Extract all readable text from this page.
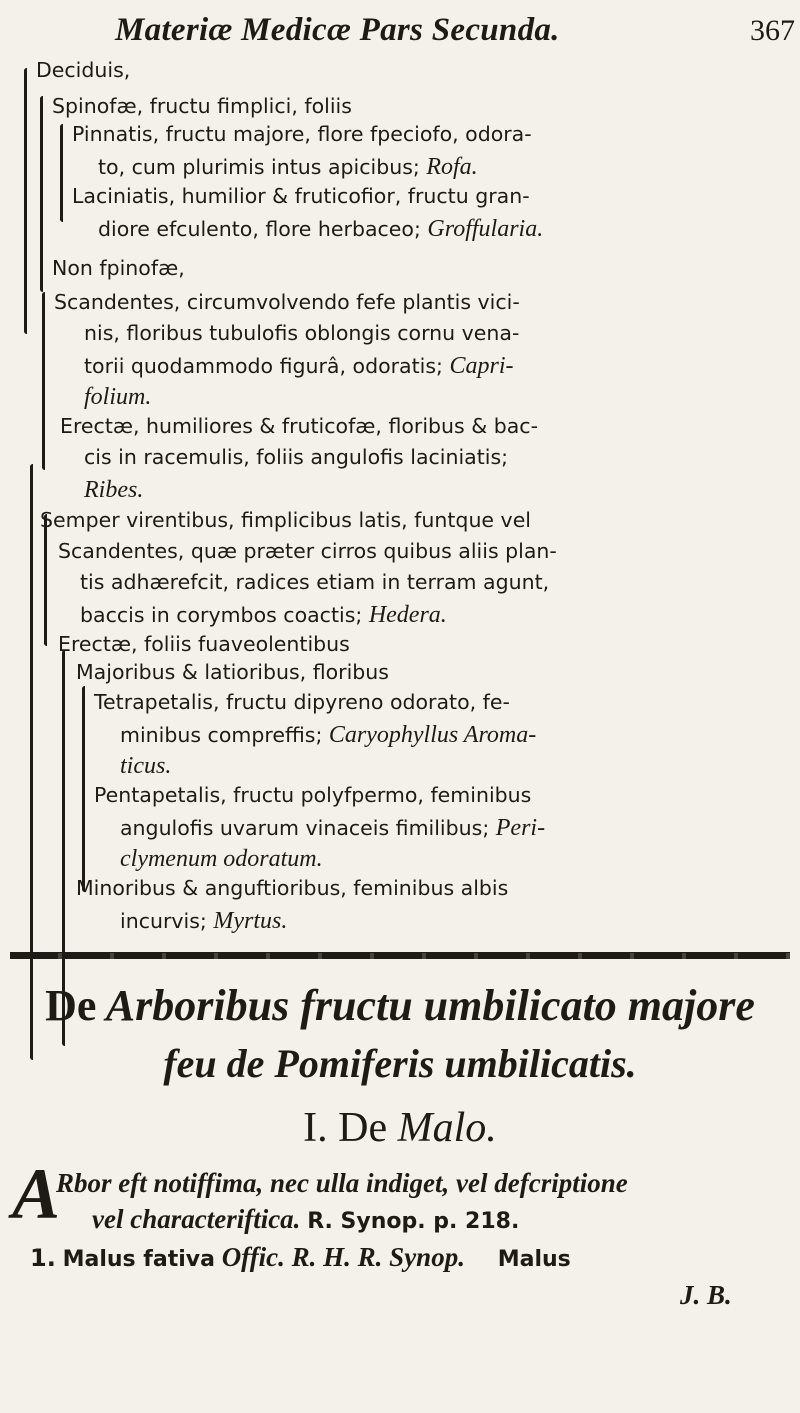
Materiæ Medicæ Pars Secunda.	367
Deciduis,
Spinofæ, fructu fimplici, foliis
Pinnatis, fructu majore, flore fpeciofo, odora-
to, cum plurimis intus apicibus; Rofa.
Laciniatis, humilior & fruticofior, fructu gran-
diore efculento, flore herbaceo; Groffularia.
Non fpinofæ,
Scandentes, circumvolvendo fefe plantis vici-
nis, floribus tubulofis oblongis cornu vena-
torii quodammodo figurâ, odoratis; Capri-
folium.
Erectæ, humiliores & fruticofæ, floribus & bac-
cis in racemulis, foliis angulofis laciniatis;
Ribes.
Semper virentibus, fimplicibus latis, funtque vel
Scandentes, quæ præter cirros quibus aliis plan-
tis adhærefcit, radices etiam in terram agunt,
baccis in corymbos coactis; Hedera.
Erectæ, foliis fuaveolentibus
Majoribus & latioribus, floribus
Tetrapetalis, fructu dipyreno odorato, fe-
minibus compreffis; Caryophyllus Aroma-
ticus.
Pentapetalis, fructu polyfpermo, feminibus
angulofis uvarum vinaceis fimilibus; Peri-
clymenum odoratum.
Minoribus & anguftioribus, feminibus albis
incurvis; Myrtus.
De Arboribus fructu umbilicato majore
feu de Pomiferis umbilicatis.
I. De Malo.
A
Rbor eft notiffima, nec ulla indiget, vel defcriptione
vel characteriftica. R. Synop. p. 218.
1. Malus fativa Offic. R. H. R. Synop. Malus
J. B.
